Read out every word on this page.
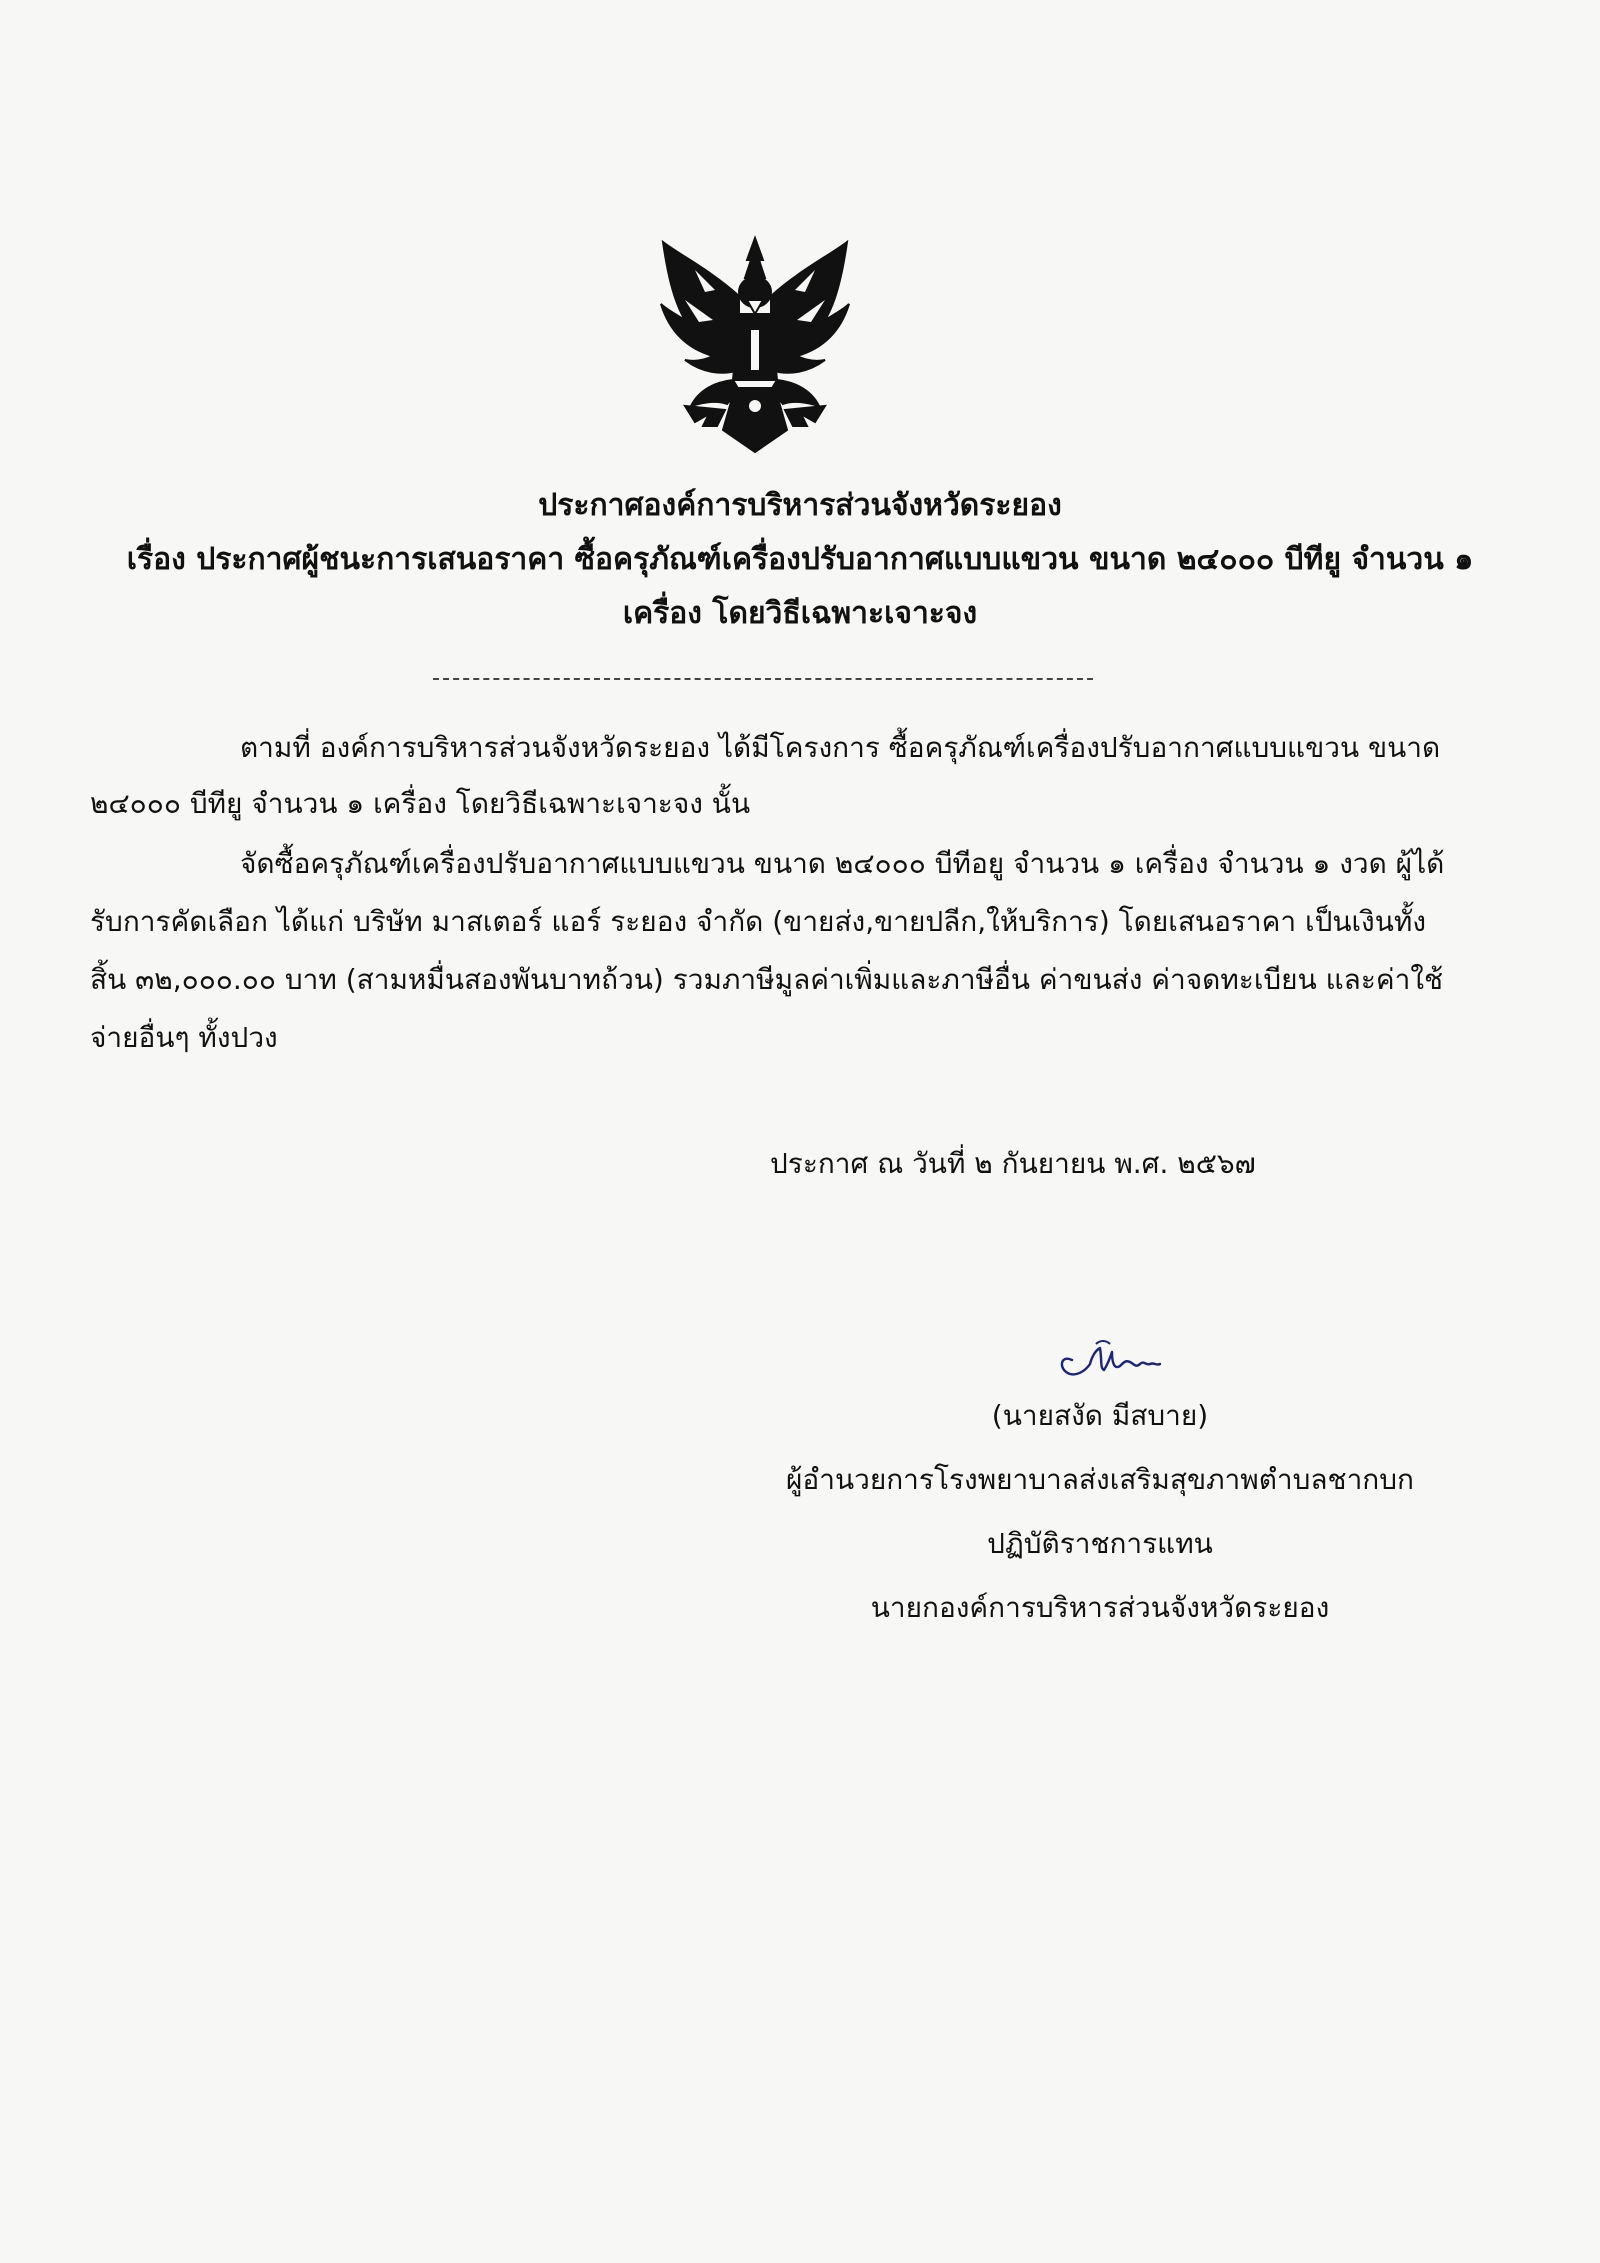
ประกาศองค์การบริหารส่วนจังหวัดระยอง
เรื่อง ประกาศผู้ชนะการเสนอราคา ซื้อครุภัณฑ์เครื่องปรับอากาศแบบแขวน ขนาด ๒๔๐๐๐ บีทียู จำนวน ๑
เครื่อง โดยวิธีเฉพาะเจาะจง
ตามที่ องค์การบริหารส่วนจังหวัดระยอง ได้มีโครงการ ซื้อครุภัณฑ์เครื่องปรับอากาศแบบแขวน ขนาด
๒๔๐๐๐ บีทียู จำนวน ๑ เครื่อง โดยวิธีเฉพาะเจาะจง นั้น
จัดซื้อครุภัณฑ์เครื่องปรับอากาศแบบแขวน ขนาด ๒๔๐๐๐ บีทีอยู จำนวน ๑ เครื่อง จำนวน ๑ งวด ผู้ได้
รับการคัดเลือก ได้แก่ บริษัท มาสเตอร์ แอร์ ระยอง จำกัด (ขายส่ง,ขายปลีก,ให้บริการ) โดยเสนอราคา เป็นเงินทั้ง
สิ้น ๓๒,๐๐๐.๐๐ บาท (สามหมื่นสองพันบาทถ้วน) รวมภาษีมูลค่าเพิ่มและภาษีอื่น ค่าขนส่ง ค่าจดทะเบียน และค่าใช้
จ่ายอื่นๆ ทั้งปวง
ประกาศ ณ วันที่ ๒ กันยายน พ.ศ. ๒๕๖๗
(นายสงัด มีสบาย)
ผู้อำนวยการโรงพยาบาลส่งเสริมสุขภาพตำบลชากบก
ปฏิบัติราชการแทน
นายกองค์การบริหารส่วนจังหวัดระยอง
